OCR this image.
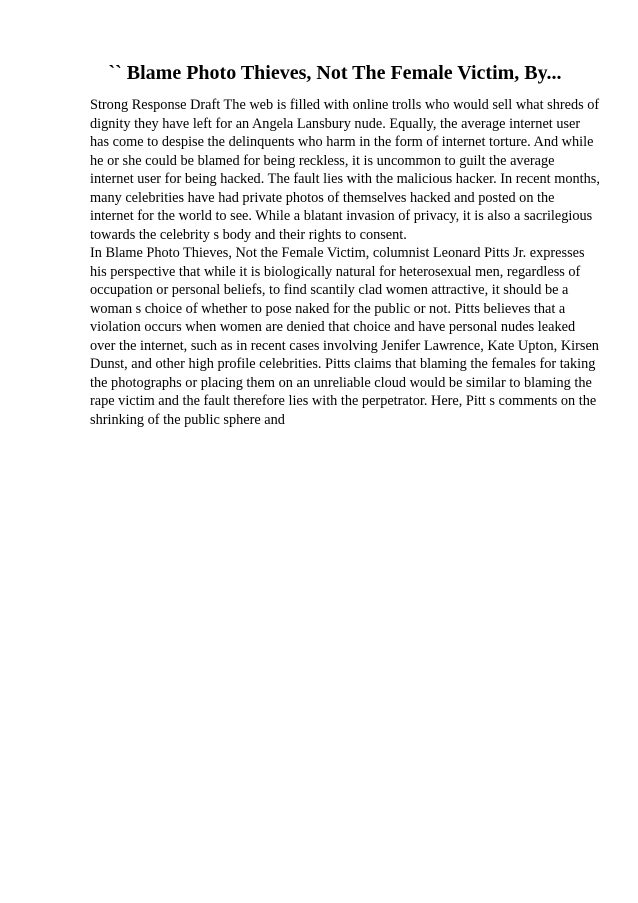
`` Blame Photo Thieves, Not The Female Victim, By...

Strong Response Draft The web is filled with online trolls who would sell what shreds of dignity they have left for an Angela Lansbury nude. Equally, the average internet user has come to despise the delinquents who harm in the form of internet torture. And while he or she could be blamed for being reckless, it is uncommon to guilt the average internet user for being hacked. The fault lies with the malicious hacker. In recent months, many celebrities have had private photos of themselves hacked and posted on the internet for the world to see. While a blatant invasion of privacy, it is also a sacrilegious towards the celebrity s body and their rights to consent.

In Blame Photo Thieves, Not the Female Victim, columnist Leonard Pitts Jr. expresses his perspective that while it is biologically natural for heterosexual men, regardless of occupation or personal beliefs, to find scantily clad women attractive, it should be a woman s choice of whether to pose naked for the public or not. Pitts believes that a violation occurs when women are denied that choice and have personal nudes leaked over the internet, such as in recent cases involving Jenifer Lawrence, Kate Upton, Kirsen Dunst, and other high profile celebrities. Pitts claims that blaming the females for taking the photographs or placing them on an unreliable cloud would be similar to blaming the rape victim and the fault therefore lies with the perpetrator. Here, Pitt s comments on the shrinking of the public sphere and
